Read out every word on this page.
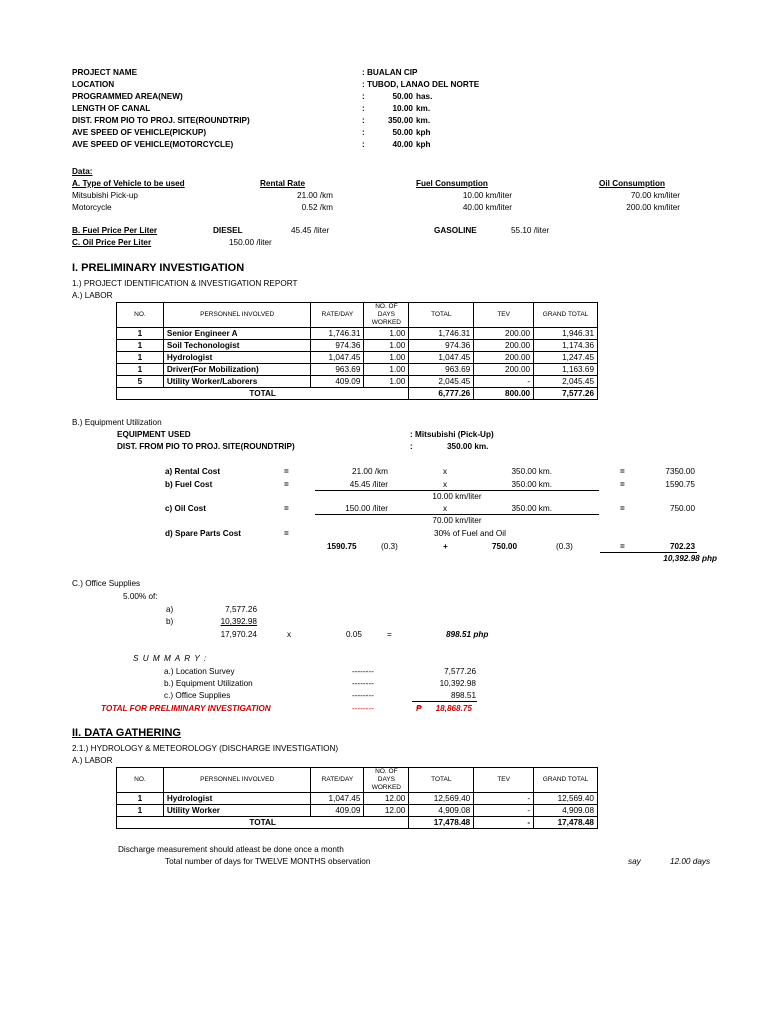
PROJECT NAME	: BUALAN CIP
LOCATION	: TUBOD, LANAO DEL NORTE
PROGRAMMED AREA(NEW)	:	50.00 has.
LENGTH OF CANAL	:	10.00 km.
DIST. FROM PIO TO PROJ. SITE(ROUNDTRIP)	:	350.00 km.
AVE SPEED OF VEHICLE(PICKUP)	:	50.00 kph
AVE SPEED OF VEHICLE(MOTORCYCLE)	:	40.00 kph
Data:
A. Type of Vehicle to be used	Rental Rate	Fuel Consumption	Oil Consumption
Mitsubishi Pick-up	21.00 /km	10.00 km/liter	70.00 km/liter
Motorcycle	0.52 /km	40.00 km/liter	200.00 km/liter
B. Fuel Price Per Liter	DIESEL	45.45 /liter	GASOLINE	55.10 /liter
C. Oil Price Per Liter	150.00 /liter
I. PRELIMINARY INVESTIGATION
1.) PROJECT IDENTIFICATION & INVESTIGATION REPORT
A.) LABOR
NO.	PERSONNEL INVOLVED	RATE/DAY	NO. OF DAYS WORKED	TOTAL	TEV	GRAND TOTAL
1	Senior Engineer A	1,746.31	1.00	1,746.31	200.00	1,946.31
1	Soil Techonologist	974.36	1.00	974.36	200.00	1,174.36
1	Hydrologist	1,047.45	1.00	1,047.45	200.00	1,247.45
1	Driver(For Mobilization)	963.69	1.00	963.69	200.00	1,163.69
5	Utility Worker/Laborers	409.09	1.00	2,045.45	-	2,045.45
TOTAL				6,777.26	800.00	7,577.26
B.) Equipment Utilization
EQUIPMENT USED	: Mitsubishi (Pick-Up)
DIST. FROM PIO TO PROJ. SITE(ROUNDTRIP)	:	350.00 km.
a) Rental Cost	=	21.00 /km	x	350.00 km.	=	7350.00
b) Fuel Cost	=	45.45 /liter	x	350.00 km.	=	1590.75
10.00 km/liter
c) Oil Cost	=	150.00 /liter	x	350.00 km.	=	750.00
70.00 km/liter
d) Spare Parts Cost	=	30% of Fuel and Oil
1590.75	(0.3)	+	750.00	(0.3)	=	702.23
10,392.98 php
C.) Office Supplies
5.00% of:
a)	7,577.26
b)	10,392.98
17,970.24	x	0.05	=	898.51 php
S U M M A R Y :
a.) Location Survey	--------	7,577.26
b.) Equipment Utilization	--------	10,392.98
c.) Office Supplies	--------	898.51
TOTAL FOR PRELIMINARY INVESTIGATION	--------	₱	18,868.75
II. DATA GATHERING
2.1.) HYDROLOGY & METEOROLOGY (DISCHARGE INVESTIGATION)
A.) LABOR
NO.	PERSONNEL INVOLVED	RATE/DAY	NO. OF DAYS WORKED	TOTAL	TEV	GRAND TOTAL
1	Hydrologist	1,047.45	12.00	12,569.40	-	12,569.40
1	Utility Worker	409.09	12.00	4,909.08	-	4,909.08
TOTAL				17,478.48	-	17,478.48
Discharge measurement should atleast be done once a month
Total number of days for TWELVE MONTHS observation	say	12.00 days
